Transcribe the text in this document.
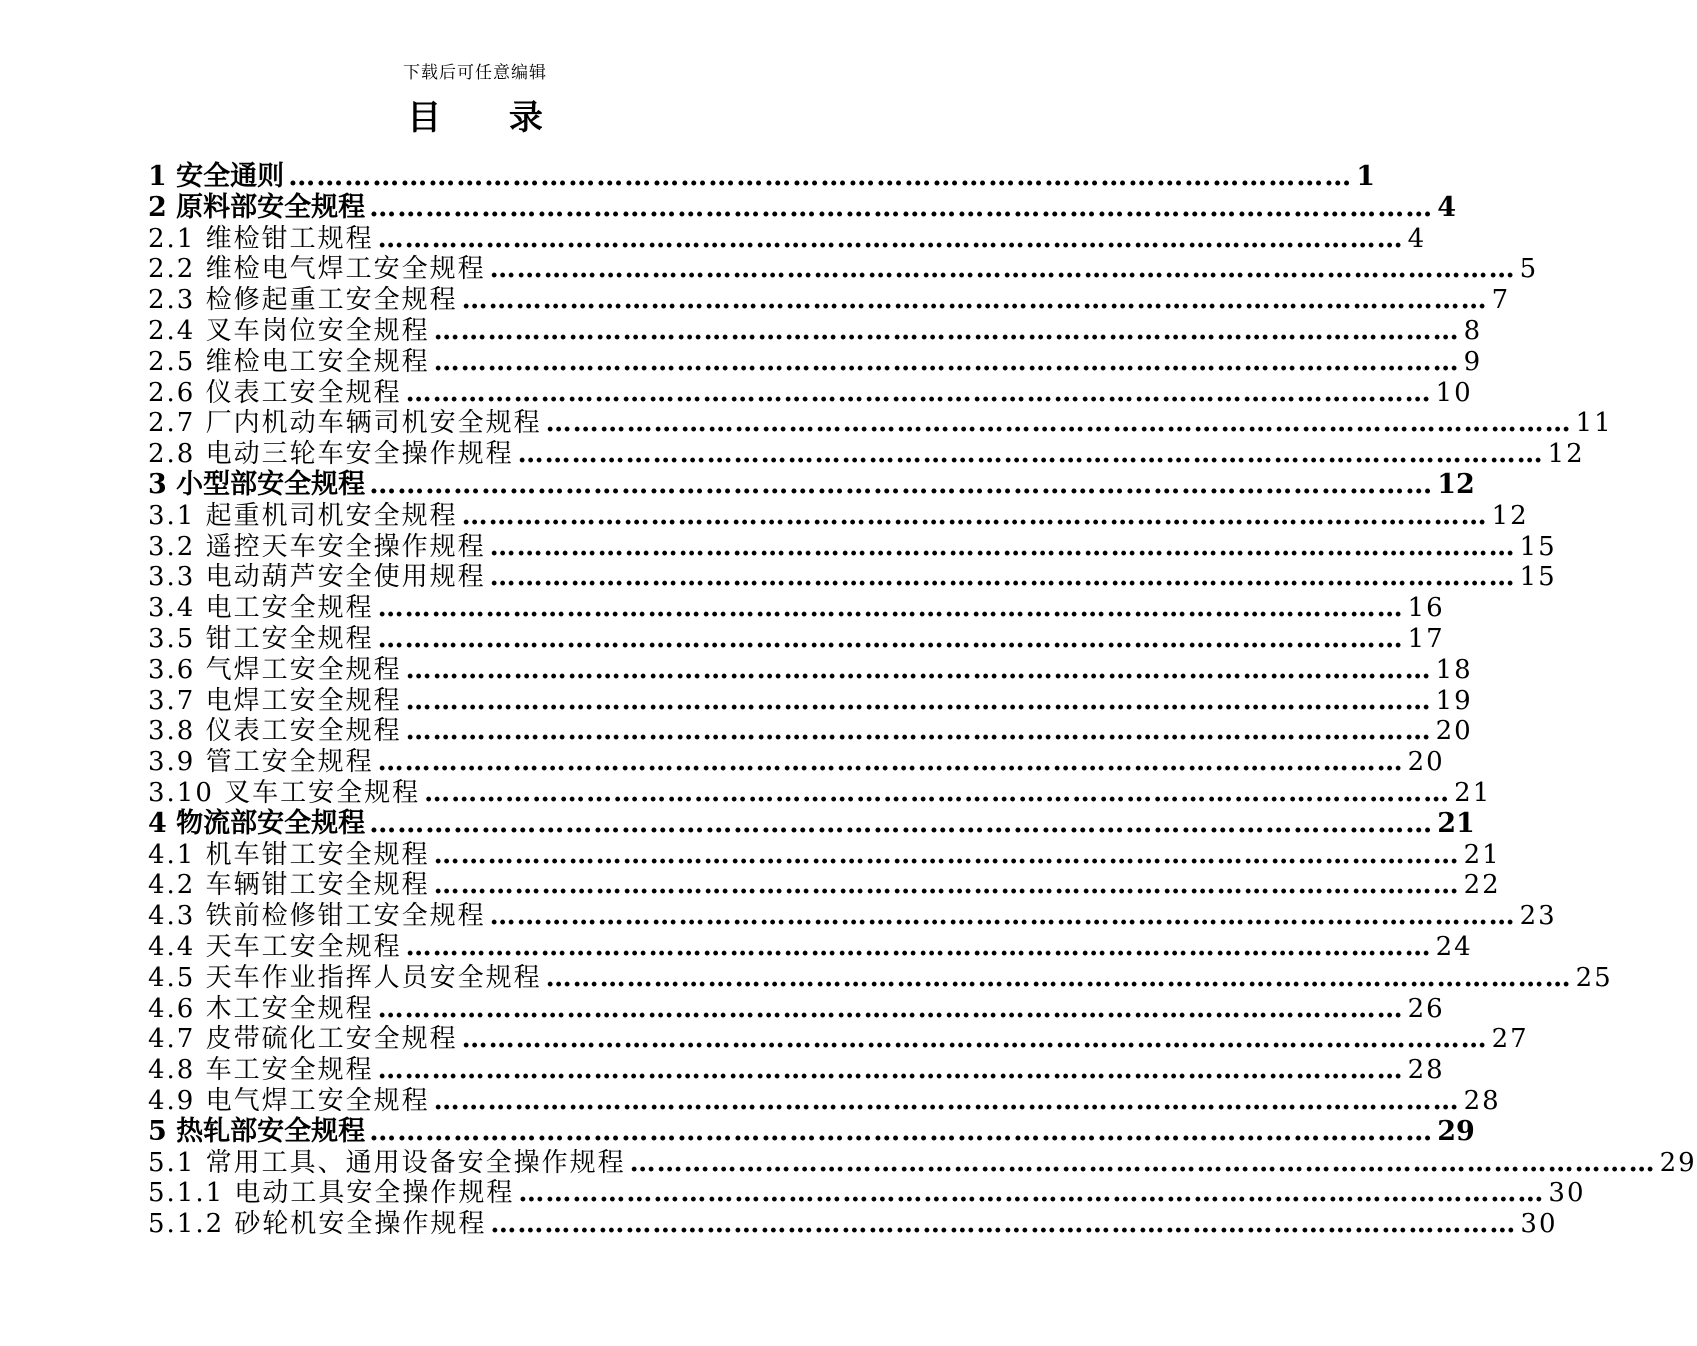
下载后可任意编辑
目 录
1 安全通则 …………………………………………………………………………………………………… 1
2 原料部安全规程 …………………………………………………………………………………………………… 4
2.1 维检钳工规程 …………………………………………………………………………………………………… 4
2.2 维检电气焊工安全规程 …………………………………………………………………………………………………… 5
2.3 检修起重工安全规程 …………………………………………………………………………………………………… 7
2.4 叉车岗位安全规程 …………………………………………………………………………………………………… 8
2.5 维检电工安全规程 …………………………………………………………………………………………………… 9
2.6 仪表工安全规程 …………………………………………………………………………………………………… 10
2.7 厂内机动车辆司机安全规程 …………………………………………………………………………………………………… 11
2.8 电动三轮车安全操作规程 …………………………………………………………………………………………………… 12
3 小型部安全规程 …………………………………………………………………………………………………… 12
3.1 起重机司机安全规程 …………………………………………………………………………………………………… 12
3.2 遥控天车安全操作规程 …………………………………………………………………………………………………… 15
3.3 电动葫芦安全使用规程 …………………………………………………………………………………………………… 15
3.4 电工安全规程 …………………………………………………………………………………………………… 16
3.5 钳工安全规程 …………………………………………………………………………………………………… 17
3.6 气焊工安全规程 …………………………………………………………………………………………………… 18
3.7 电焊工安全规程 …………………………………………………………………………………………………… 19
3.8 仪表工安全规程 …………………………………………………………………………………………………… 20
3.9 管工安全规程 …………………………………………………………………………………………………… 20
3.10 叉车工安全规程 …………………………………………………………………………………………………… 21
4 物流部安全规程 …………………………………………………………………………………………………… 21
4.1 机车钳工安全规程 …………………………………………………………………………………………………… 21
4.2 车辆钳工安全规程 …………………………………………………………………………………………………… 22
4.3 铁前检修钳工安全规程 …………………………………………………………………………………………………… 23
4.4 天车工安全规程 …………………………………………………………………………………………………… 24
4.5 天车作业指挥人员安全规程 …………………………………………………………………………………………………… 25
4.6 木工安全规程 …………………………………………………………………………………………………… 26
4.7 皮带硫化工安全规程 …………………………………………………………………………………………………… 27
4.8 车工安全规程 …………………………………………………………………………………………………… 28
4.9 电气焊工安全规程 …………………………………………………………………………………………………… 28
5 热轧部安全规程 …………………………………………………………………………………………………… 29
5.1 常用工具、通用设备安全操作规程 …………………………………………………………………………………………………… 29
5.1.1 电动工具安全操作规程 …………………………………………………………………………………………………… 30
5.1.2 砂轮机安全操作规程 …………………………………………………………………………………………………… 30
